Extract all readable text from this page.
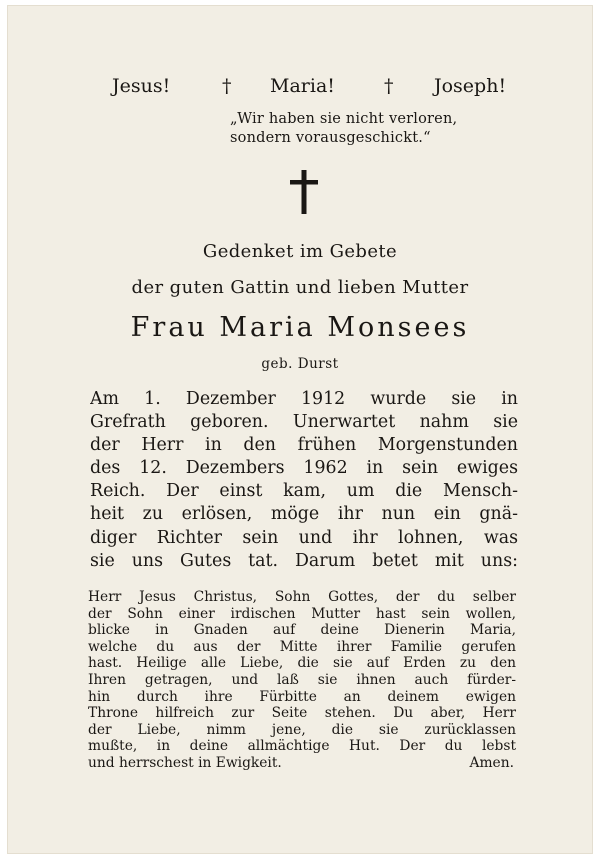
Jesus!	† Maria!	† Joseph!
„Wir haben sie nicht verloren,
sondern vorausgeschickt.“
Gedenket im Gebete
der guten Gattin und lieben Mutter
Frau Maria Monsees
geb. Durst
Am 1. Dezember 1912 wurde sie in
Grefrath geboren. Unerwartet nahm sie
der Herr in den frühen Morgenstunden
des 12. Dezembers 1962 in sein ewiges
Reich. Der einst kam, um die Mensch-
heit zu erlösen, möge ihr nun ein gnä-
diger Richter sein und ihr lohnen, was
sie uns Gutes tat. Darum betet mit uns:
Herr Jesus Christus, Sohn Gottes, der du selber
der Sohn einer irdischen Mutter hast sein wollen,
blicke in Gnaden auf deine Dienerin Maria,
welche du aus der Mitte ihrer Familie gerufen
hast. Heilige alle Liebe, die sie auf Erden zu den
Ihren getragen, und laß sie ihnen auch fürder-
hin durch ihre Fürbitte an deinem ewigen
Throne hilfreich zur Seite stehen. Du aber, Herr
der Liebe, nimm jene, die sie zurücklassen
mußte, in deine allmächtige Hut. Der du lebst
und herrschest in Ewigkeit.	Amen.
